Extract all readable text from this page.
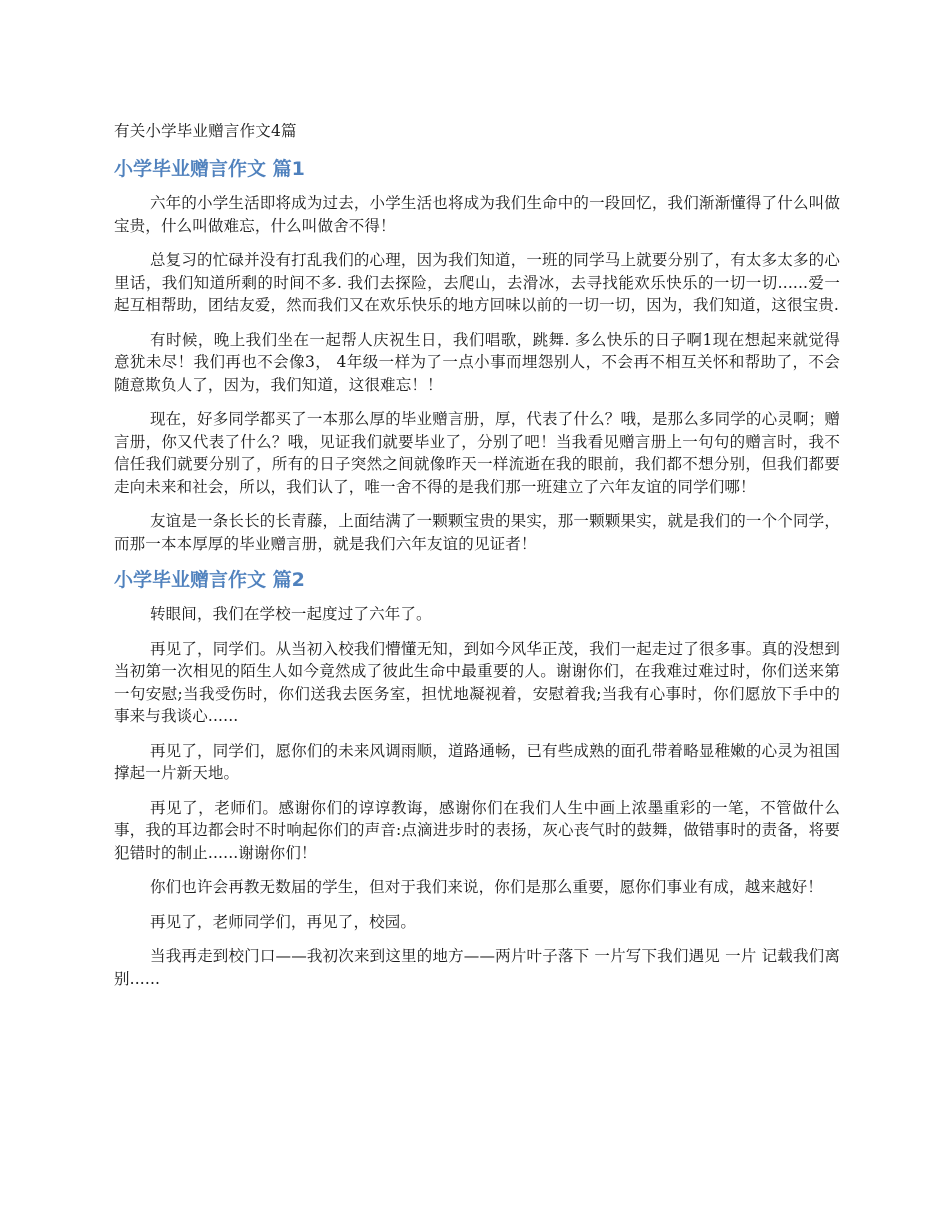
有关小学毕业赠言作文4篇
小学毕业赠言作文 篇1

六年的小学生活即将成为过去，小学生活也将成为我们生命中的一段回忆，我们渐渐懂得了什么叫做宝贵，什么叫做难忘，什么叫做舍不得！

总复习的忙碌并没有打乱我们的心理，因为我们知道，一班的同学马上就要分别了，有太多太多的心里话，我们知道所剩的时间不多. 我们去探险，去爬山，去滑冰，去寻找能欢乐快乐的一切一切......爱一起互相帮助，团结友爱，然而我们又在欢乐快乐的地方回味以前的一切一切，因为，我们知道，这很宝贵.

有时候，晚上我们坐在一起帮人庆祝生日，我们唱歌，跳舞. 多么快乐的日子啊1现在想起来就觉得意犹未尽！我们再也不会像3， 4年级一样为了一点小事而埋怨别人，不会再不相互关怀和帮助了，不会随意欺负人了，因为，我们知道，这很难忘！！

现在，好多同学都买了一本那么厚的毕业赠言册，厚，代表了什么？哦，是那么多同学的心灵啊；赠言册，你又代表了什么？哦，见证我们就要毕业了，分别了吧！当我看见赠言册上一句句的赠言时，我不信任我们就要分别了，所有的日子突然之间就像昨天一样流逝在我的眼前，我们都不想分别，但我们都要走向未来和社会，所以，我们认了，唯一舍不得的是我们那一班建立了六年友谊的同学们哪！

友谊是一条长长的长青藤，上面结满了一颗颗宝贵的果实，那一颗颗果实，就是我们的一个个同学，而那一本本厚厚的毕业赠言册，就是我们六年友谊的见证者！

小学毕业赠言作文 篇2

转眼间，我们在学校一起度过了六年了。

再见了，同学们。从当初入校我们懵懂无知，到如今风华正茂，我们一起走过了很多事。真的没想到当初第一次相见的陌生人如今竟然成了彼此生命中最重要的人。谢谢你们，在我难过难过时，你们送来第一句安慰;当我受伤时，你们送我去医务室，担忧地凝视着，安慰着我;当我有心事时，你们愿放下手中的事来与我谈心......

再见了，同学们，愿你们的未来风调雨顺，道路通畅，已有些成熟的面孔带着略显稚嫩的心灵为祖国撑起一片新天地。

再见了，老师们。感谢你们的谆谆教诲，感谢你们在我们人生中画上浓墨重彩的一笔，不管做什么事，我的耳边都会时不时响起你们的声音:点滴进步时的表扬，灰心丧气时的鼓舞，做错事时的责备，将要犯错时的制止......谢谢你们！

你们也许会再教无数届的学生，但对于我们来说，你们是那么重要，愿你们事业有成，越来越好！

再见了，老师同学们，再见了，校园。

当我再走到校门口——我初次来到这里的地方——两片叶子落下 一片写下我们遇见 一片 记载我们离别......
